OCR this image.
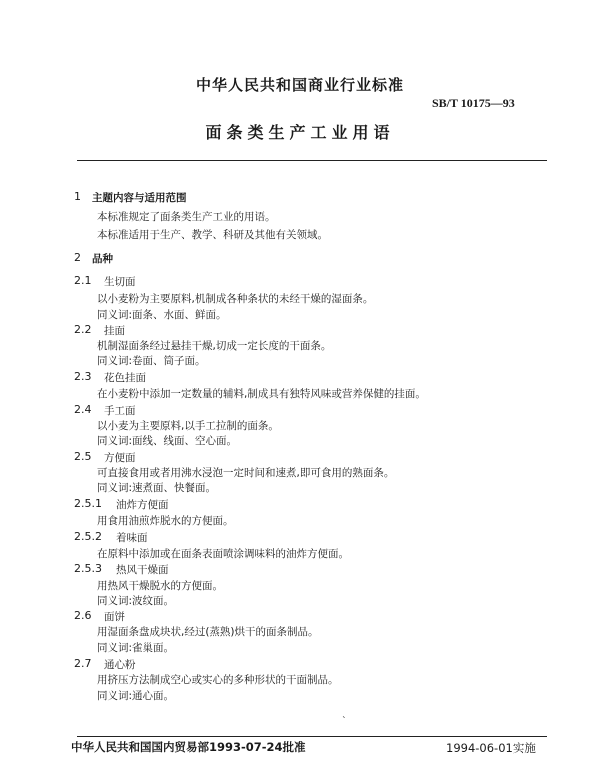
中华人民共和国商业行业标准
SB/T 10175—93
面条类生产工业用语
1 主题内容与适用范围
本标准规定了面条类生产工业的用语。
本标准适用于生产、教学、科研及其他有关领域。
2 品种
2.1 生切面
以小麦粉为主要原料,机制成各种条状的未经干燥的湿面条。
同义词:面条、水面、鲜面。
2.2 挂面
机制湿面条经过悬挂干燥,切成一定长度的干面条。
同义词:卷面、筒子面。
2.3 花色挂面
在小麦粉中添加一定数量的辅料,制成具有独特风味或营养保健的挂面。
2.4 手工面
以小麦为主要原料,以手工拉制的面条。
同义词:面线、线面、空心面。
2.5 方便面
可直接食用或者用沸水浸泡一定时间和速煮,即可食用的熟面条。
同义词:速煮面、快餐面。
2.5.1 油炸方便面
用食用油煎炸脱水的方便面。
2.5.2 着味面
在原料中添加或在面条表面喷涂调味料的油炸方便面。
2.5.3 热风干燥面
用热风干燥脱水的方便面。
同义词:波纹面。
2.6 面饼
用湿面条盘成块状,经过(蒸熟)烘干的面条制品。
同义词:雀巢面。
2.7 通心粉
用挤压方法制成空心或实心的多种形状的干面制品。
同义词:通心面。
ˎ
中华人民共和国国内贸易部1993-07-24批准	1994-06-01实施
